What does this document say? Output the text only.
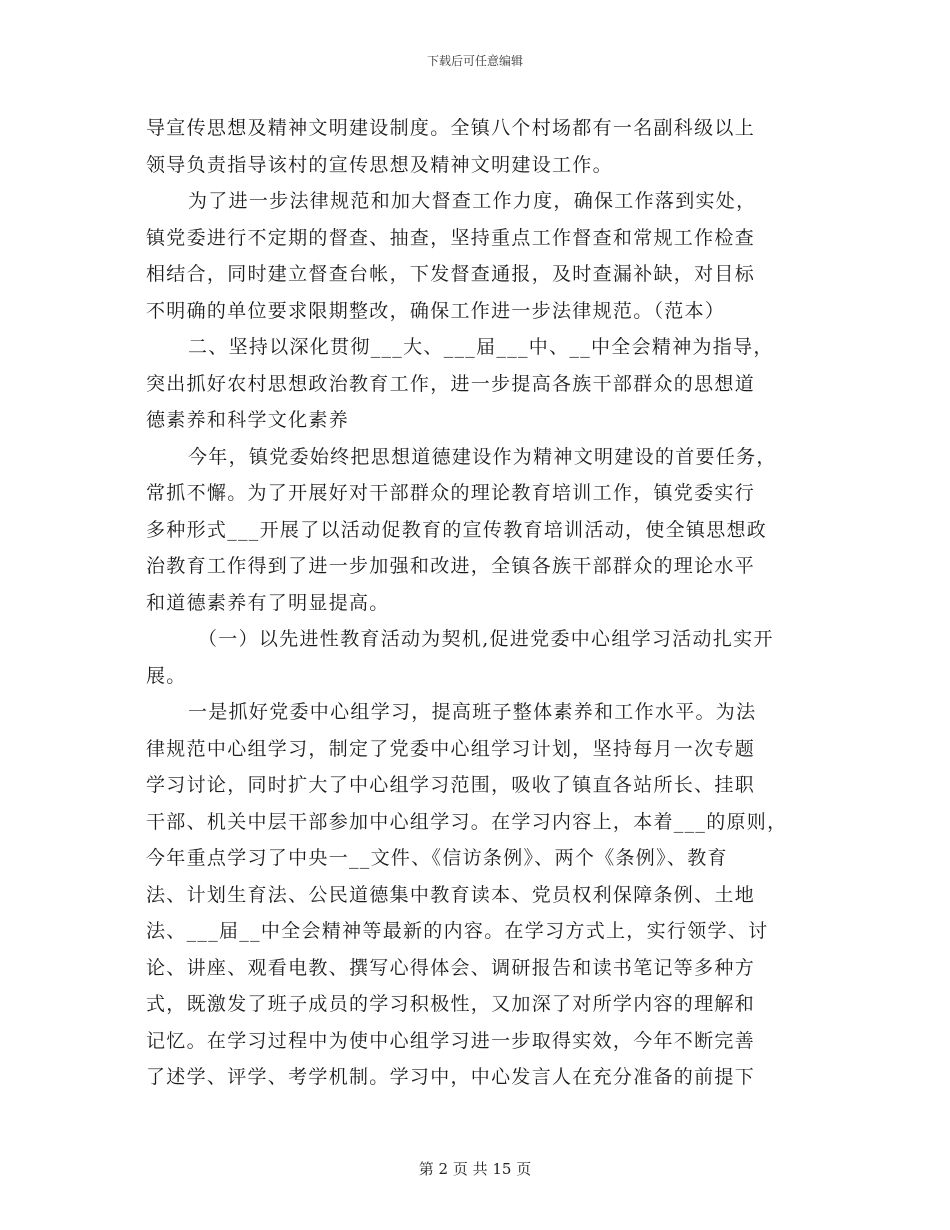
下载后可任意编辑
导宣传思想及精神文明建设制度。全镇八个村场都有一名副科级以上
领导负责指导该村的宣传思想及精神文明建设工作。
为了进一步法律规范和加大督查工作力度，确保工作落到实处，
镇党委进行不定期的督查、抽查，坚持重点工作督查和常规工作检查
相结合，同时建立督查台帐，下发督查通报，及时查漏补缺，对目标
不明确的单位要求限期整改，确保工作进一步法律规范。（范本）
二、坚持以深化贯彻___大、___届___中、__中全会精神为指导，
突出抓好农村思想政治教育工作，进一步提高各族干部群众的思想道
德素养和科学文化素养
今年，镇党委始终把思想道德建设作为精神文明建设的首要任务，
常抓不懈。为了开展好对干部群众的理论教育培训工作，镇党委实行
多种形式___开展了以活动促教育的宣传教育培训活动，使全镇思想政
治教育工作得到了进一步加强和改进，全镇各族干部群众的理论水平
和道德素养有了明显提高。
（一）以先进性教育活动为契机,促进党委中心组学习活动扎实开
展。
一是抓好党委中心组学习，提高班子整体素养和工作水平。为法
律规范中心组学习，制定了党委中心组学习计划，坚持每月一次专题
学习讨论，同时扩大了中心组学习范围，吸收了镇直各站所长、挂职
干部、机关中层干部参加中心组学习。在学习内容上，本着___的原则，
今年重点学习了中央一__文件、《信访条例》、两个《条例》、教育
法、计划生育法、公民道德集中教育读本、党员权利保障条例、土地
法、___届__中全会精神等最新的内容。在学习方式上，实行领学、讨
论、讲座、观看电教、撰写心得体会、调研报告和读书笔记等多种方
式，既激发了班子成员的学习积极性，又加深了对所学内容的理解和
记忆。在学习过程中为使中心组学习进一步取得实效，今年不断完善
了述学、评学、考学机制。学习中，中心发言人在充分准备的前提下
第 2 页 共 15 页
